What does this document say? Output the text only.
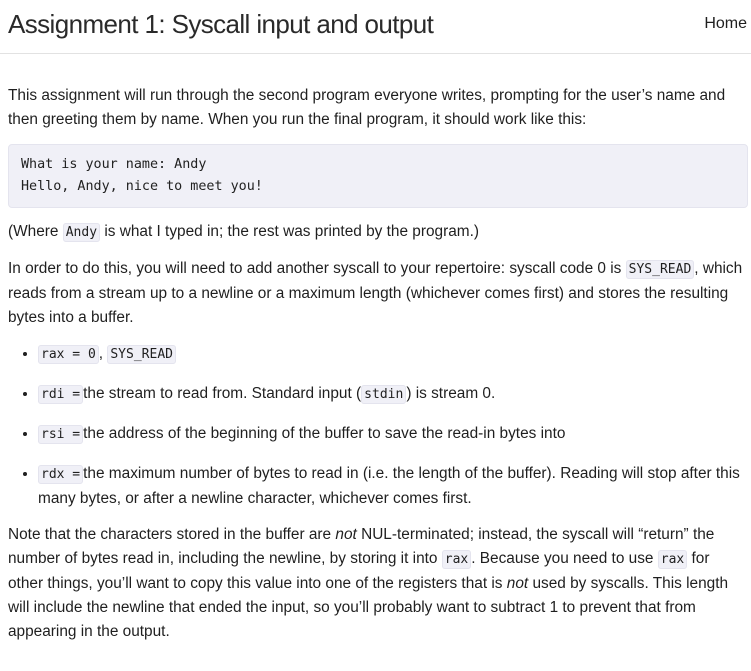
Assignment 1: Syscall input and output	Home

This assignment will run through the second program everyone writes, prompting for the user’s name and then greeting them by name. When you run the final program, it should work like this:

What is your name: Andy
Hello, Andy, nice to meet you!

(Where Andy is what I typed in; the rest was printed by the program.)

In order to do this, you will need to add another syscall to your repertoire: syscall code 0 is SYS_READ , which reads from a stream up to a newline or a maximum length (whichever comes first) and stores the resulting bytes into a buffer.

• rax = 0 , SYS_READ
• rdi = the stream to read from. Standard input ( stdin ) is stream 0.
• rsi = the address of the beginning of the buffer to save the read-in bytes into
• rdx = the maximum number of bytes to read in (i.e. the length of the buffer). Reading will stop after this many bytes, or after a newline character, whichever comes first.

Note that the characters stored in the buffer are not NUL-terminated; instead, the syscall will “return” the number of bytes read in, including the newline, by storing it into rax . Because you need to use rax for other things, you’ll want to copy this value into one of the registers that is not used by syscalls. This length will include the newline that ended the input, so you’ll probably want to subtract 1 to prevent that from appearing in the output.
